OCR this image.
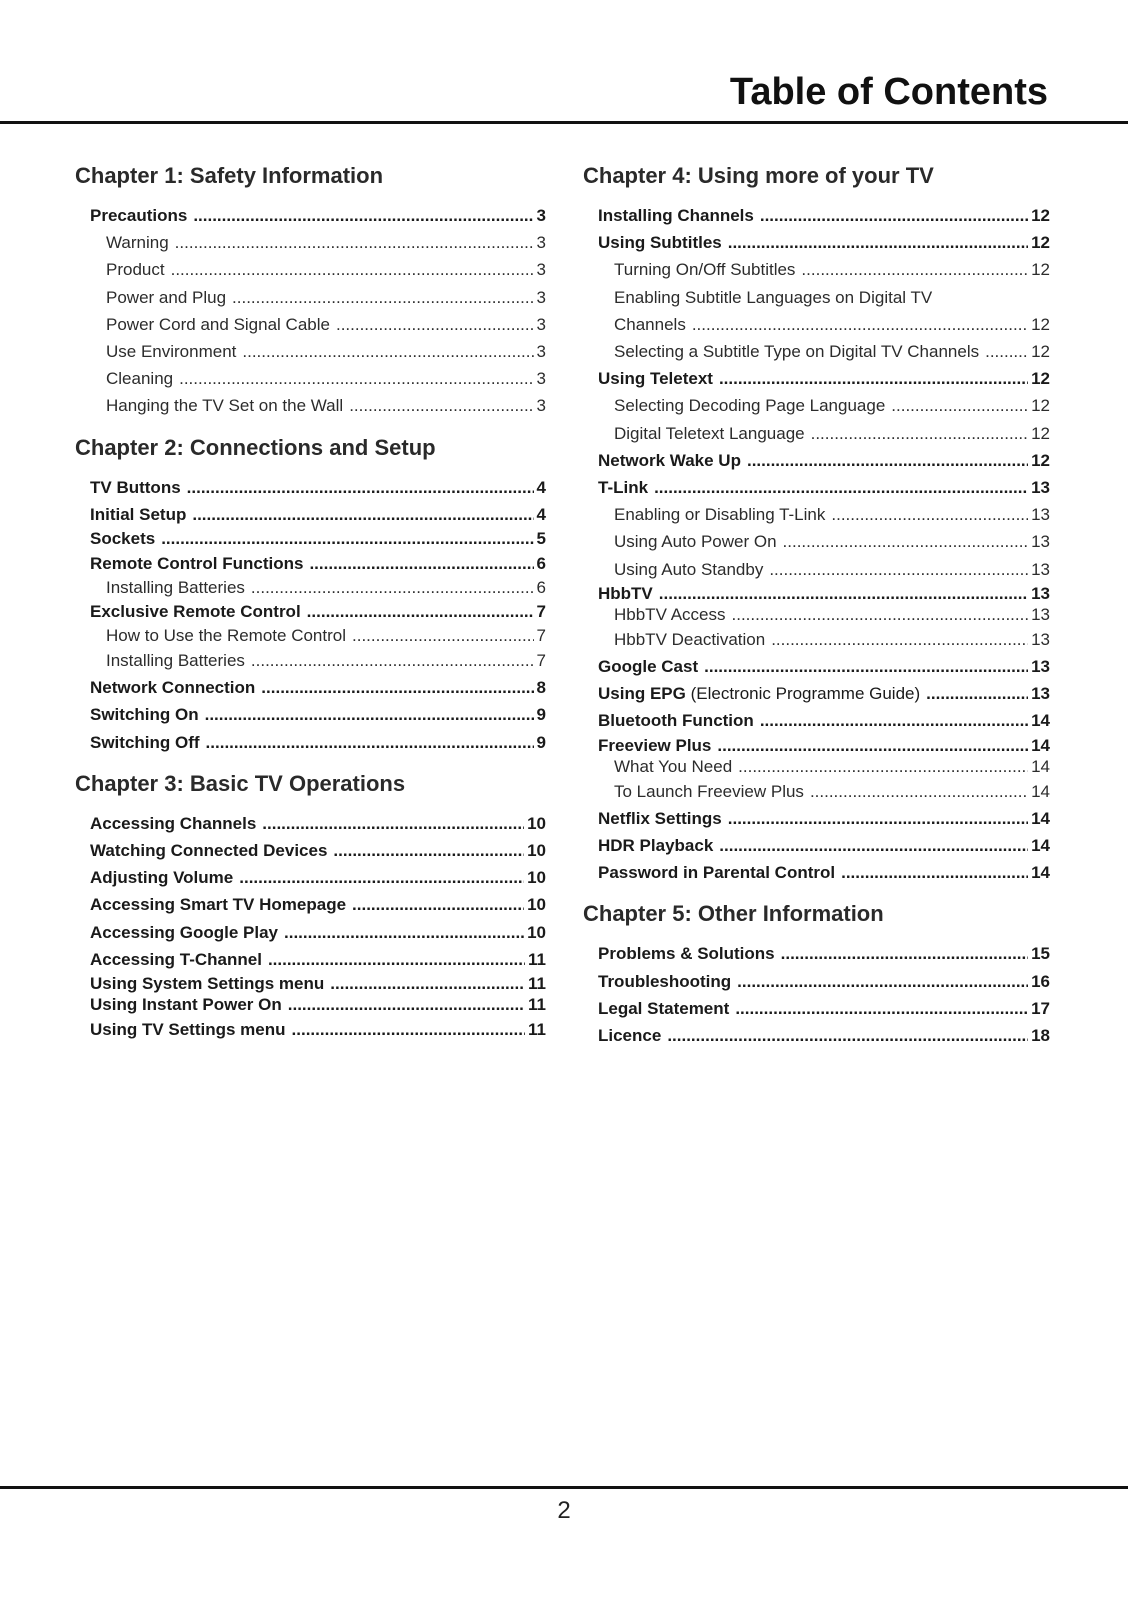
Table of Contents
Chapter 1: Safety Information
Precautions .....	3
Warning .....	3
Product .....	3
Power and Plug .....	3
Power Cord and Signal Cable .....	3
Use Environment .....	3
Cleaning .....	3
Hanging the TV Set on the Wall .....	3
Chapter 2: Connections and Setup
TV Buttons .....	4
Initial Setup .....	4
Sockets .....	5
Remote Control Functions .....	6
Installing Batteries .....	6
Exclusive Remote Control .....	7
How to Use the Remote Control .....	7
Installing Batteries .....	7
Network Connection .....	8
Switching On .....	9
Switching Off .....	9
Chapter 3: Basic TV Operations
Accessing Channels .....	10
Watching Connected Devices .....	10
Adjusting Volume .....	10
Accessing Smart TV Homepage .....	10
Accessing Google Play .....	10
Accessing T-Channel .....	11
Using System Settings menu .....	11
Using Instant Power On .....	11
Using TV Settings menu .....	11
Chapter 4: Using more of your TV
Installing Channels .....	12
Using Subtitles .....	12
Turning On/Off Subtitles .....	12
Enabling Subtitle Languages on Digital TV
Channels .....	12
Selecting a Subtitle Type on Digital TV Channels .....	12
Using Teletext .....	12
Selecting Decoding Page Language .....	12
Digital Teletext Language .....	12
Network Wake Up .....	12
T-Link .....	13
Enabling or Disabling T-Link .....	13
Using Auto Power On .....	13
Using Auto Standby .....	13
HbbTV .....	13
HbbTV Access .....	13
HbbTV Deactivation .....	13
Google Cast .....	13
Using EPG (Electronic Programme Guide) .....	13
Bluetooth Function .....	14
Freeview Plus .....	14
What You Need .....	14
To Launch Freeview Plus .....	14
Netflix Settings .....	14
HDR Playback .....	14
Password in Parental Control .....	14
Chapter 5: Other Information
Problems & Solutions .....	15
Troubleshooting .....	16
Legal Statement .....	17
Licence .....	18
2
